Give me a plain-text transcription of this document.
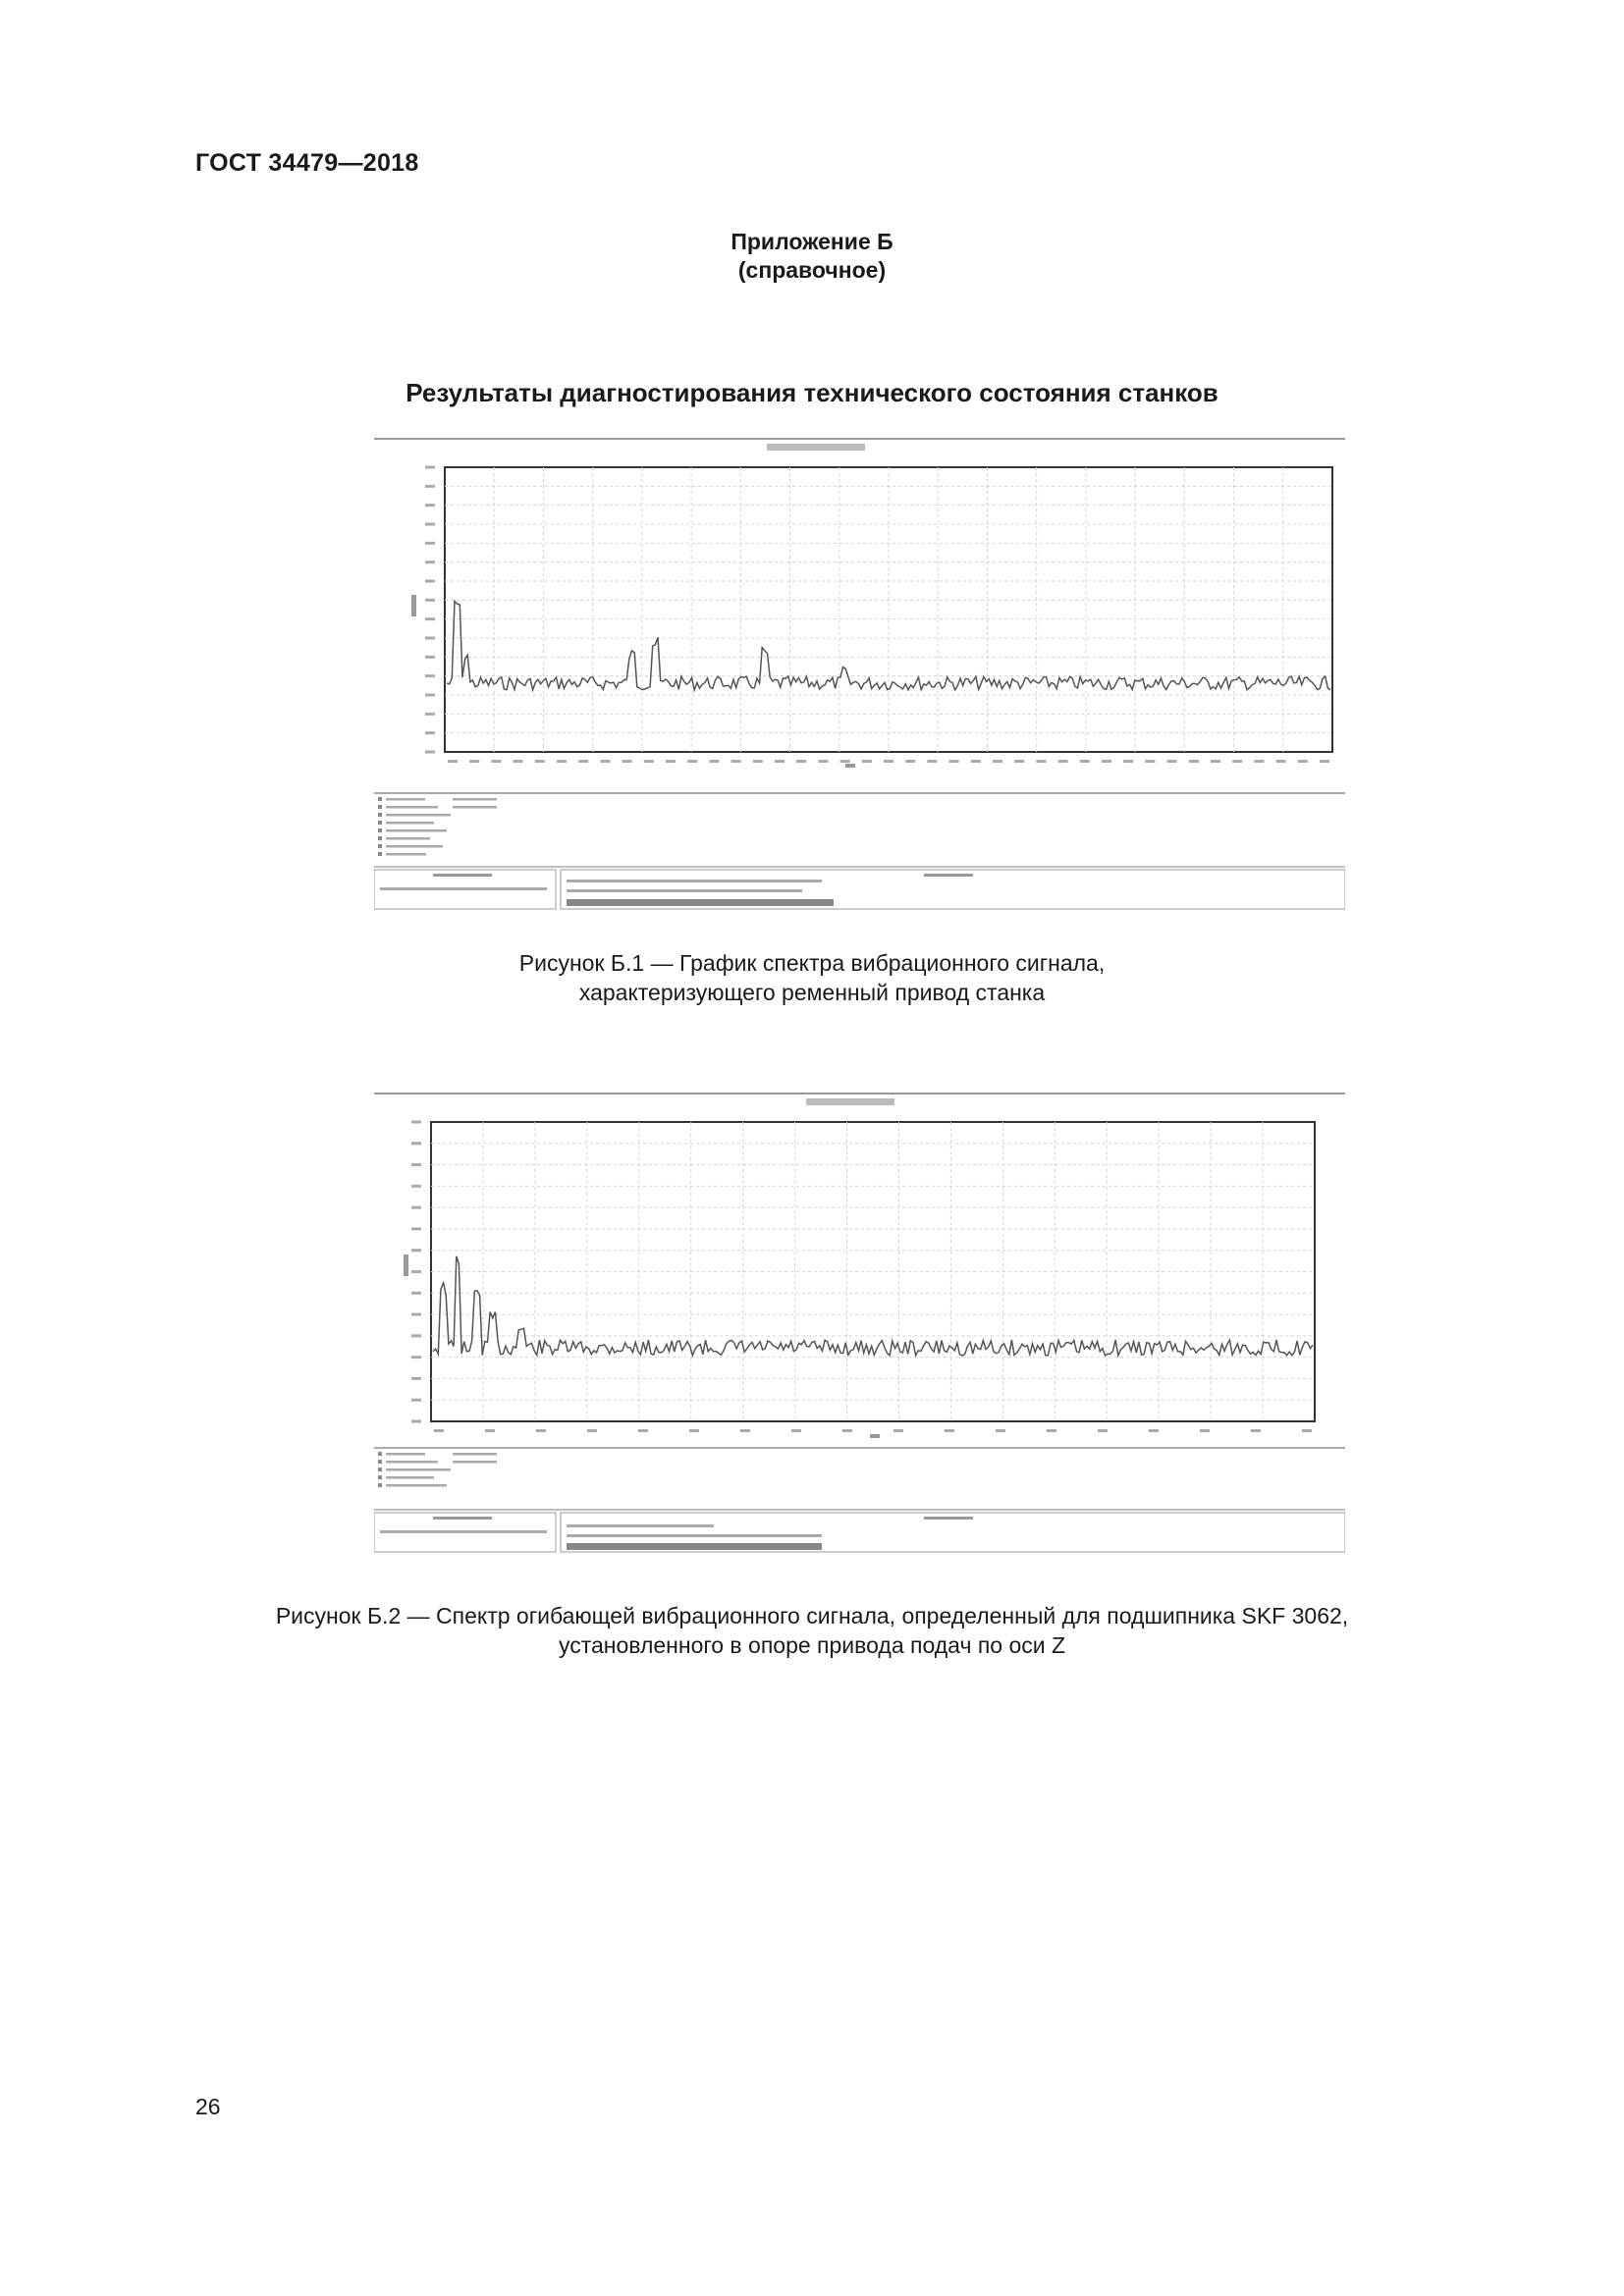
ГОСТ 34479—2018
Приложение Б
(справочное)
Результаты диагностирования технического состояния станков
Рисунок Б.1 — График спектра вибрационного сигнала,
характеризующего ременный привод станка
Рисунок Б.2 — Спектр огибающей вибрационного сигнала, определенный для подшипника SKF 3062,
установленного в опоре привода подач по оси Z
26
